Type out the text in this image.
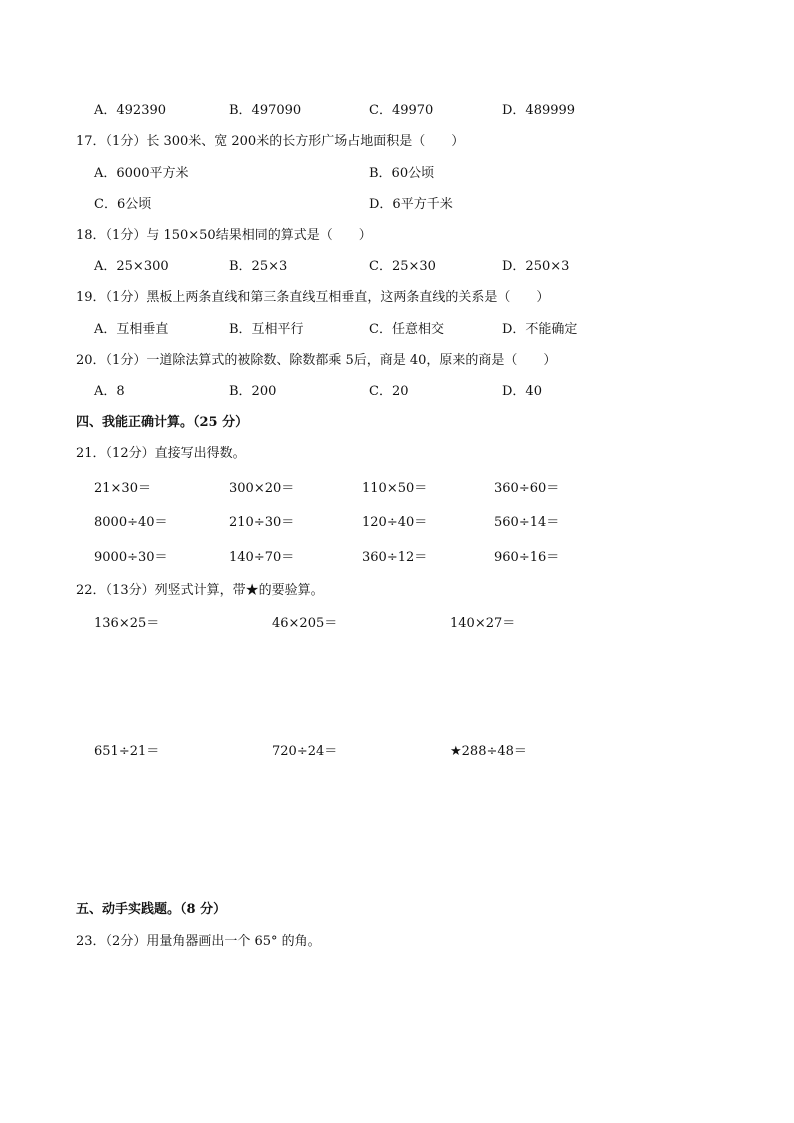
A．492390	B．497090	C．49970	D．489999
17．（1分）长 300米、宽 200米的长方形广场占地面积是（　　）
A．6000平方米	B．60公顷
C．6公顷	D．6平方千米
18．（1分）与 150×50结果相同的算式是（　　）
A．25×300	B．25×3	C．25×30	D．250×3
19．（1分）黑板上两条直线和第三条直线互相垂直，这两条直线的关系是（　　）
A．互相垂直	B．互相平行	C．任意相交	D．不能确定
20．（1分）一道除法算式的被除数、除数都乘 5后，商是 40，原来的商是（　　）
A．8	B．200	C．20	D．40
四、我能正确计算。（25 分）
21．（12分）直接写出得数。
21×30＝	300×20＝	110×50＝	360÷60＝
8000÷40＝	210÷30＝	120÷40＝	560÷14＝
9000÷30＝	140÷70＝	360÷12＝	960÷16＝
22．（13分）列竖式计算，带★的要验算。
136×25＝	46×205＝	140×27＝
651÷21＝	720÷24＝	★288÷48＝
五、动手实践题。（8 分）
23．（2分）用量角器画出一个 65° 的角。
